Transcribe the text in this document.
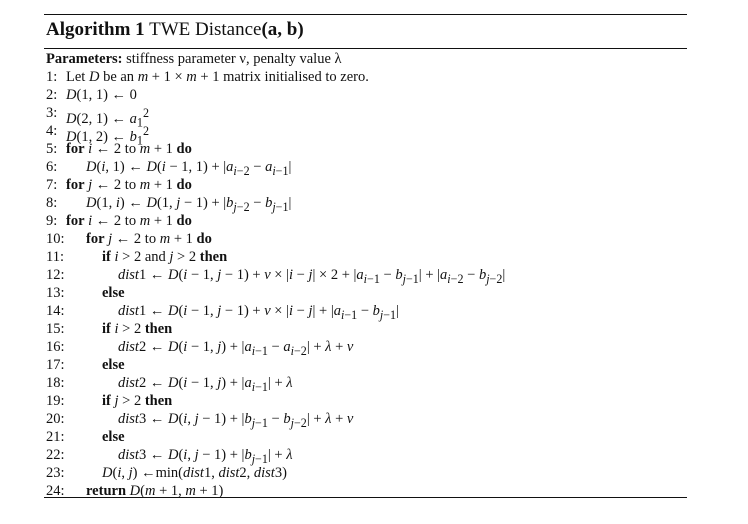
Algorithm 1 TWE Distance(a, b)
Parameters: stiffness parameter ν, penalty value λ
1: Let D be an m + 1 × m + 1 matrix initialised to zero.
2: D(1, 1) ← 0
3: D(2, 1) ← $a_1^2$
4: D(1, 2) ← $b_1^2$
5: for i ← 2 to m + 1 do
6: D(i, 1) ← D(i − 1, $1) + |a_{i-2} - a_{i-1}|$
7: for j ← 2 to m + 1 do
8: D(1, i) ← D(1, $j - 1) + |b_{j-2} - b_{j-1}|$
9: for i ← 2 to m + 1 do
10: for j ← 2 to m + 1 do
11:	if i > 2 and j > 2 then
12:	dist1 ← D(i − 1, $j - 1) + \nu \times |i - j| \times 2 + |a_{i-1} - b_{j-1}| + |a_{i-2} - b_{j-2}|$
13:	else
14:	dist1 ← D(i − 1, $j - 1) + \nu \times |i - j| + |a_{i-1} - b_{j-1}|$
15:	if i > 2 then
16:	dist2 ← D(i − 1, $j) + |a_{i-1} - a_{i-2}| + \lambda + \nu$
17:	else
18:	dist2 ← D(i − 1, $j) + |a_{i-1}| + \lambda$
19:	if j > 2 then
20:	dist3 ← D(i, $j - 1) + |b_{j-1} - b_{j-2}| + \lambda + \nu$
21:	else
22:	dist3 ← D(i, $j - 1) + |b_{j-1}| + \lambda$
23:	D(i, j) ←min(dist1, dist2, dist3)
24: return D(m + 1, m + 1)
